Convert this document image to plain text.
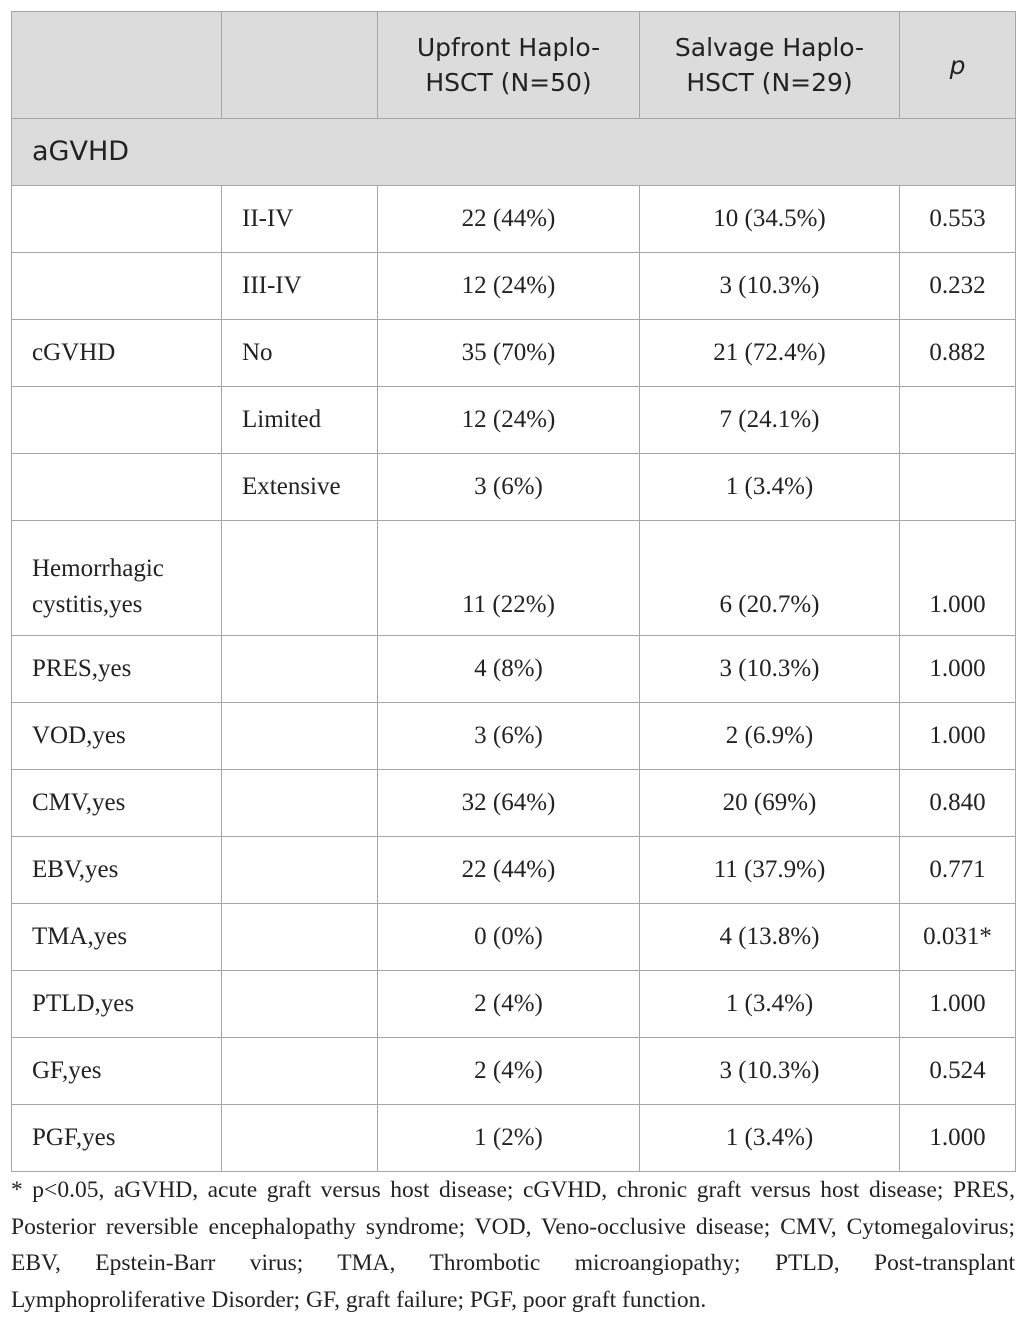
		Upfront Haplo-
HSCT (N=50)	Salvage Haplo-
HSCT (N=29)	p
aGVHD				
	II-IV	22 (44%)	10 (34.5%)	0.553
	III-IV	12 (24%)	3 (10.3%)	0.232
cGVHD	No	35 (70%)	21 (72.4%)	0.882
	Limited	12 (24%)	7 (24.1%)	
	Extensive	3 (6%)	1 (3.4%)	
Hemorrhagic
cystitis,yes		11 (22%)	6 (20.7%)	1.000
PRES,yes		4 (8%)	3 (10.3%)	1.000
VOD,yes		3 (6%)	2 (6.9%)	1.000
CMV,yes		32 (64%)	20 (69%)	0.840
EBV,yes		22 (44%)	11 (37.9%)	0.771
TMA,yes		0 (0%)	4 (13.8%)	0.031*
PTLD,yes		2 (4%)	1 (3.4%)	1.000
GF,yes		2 (4%)	3 (10.3%)	0.524
PGF,yes		1 (2%)	1 (3.4%)	1.000

* p<0.05, aGVHD, acute graft versus host disease; cGVHD, chronic graft versus host disease; PRES, Posterior reversible encephalopathy syndrome; VOD, Veno-occlusive disease; CMV, Cytomegalovirus; EBV, Epstein-Barr virus; TMA, Thrombotic microangiopathy; PTLD, Post-transplant Lymphoproliferative Disorder; GF, graft failure; PGF, poor graft function.
